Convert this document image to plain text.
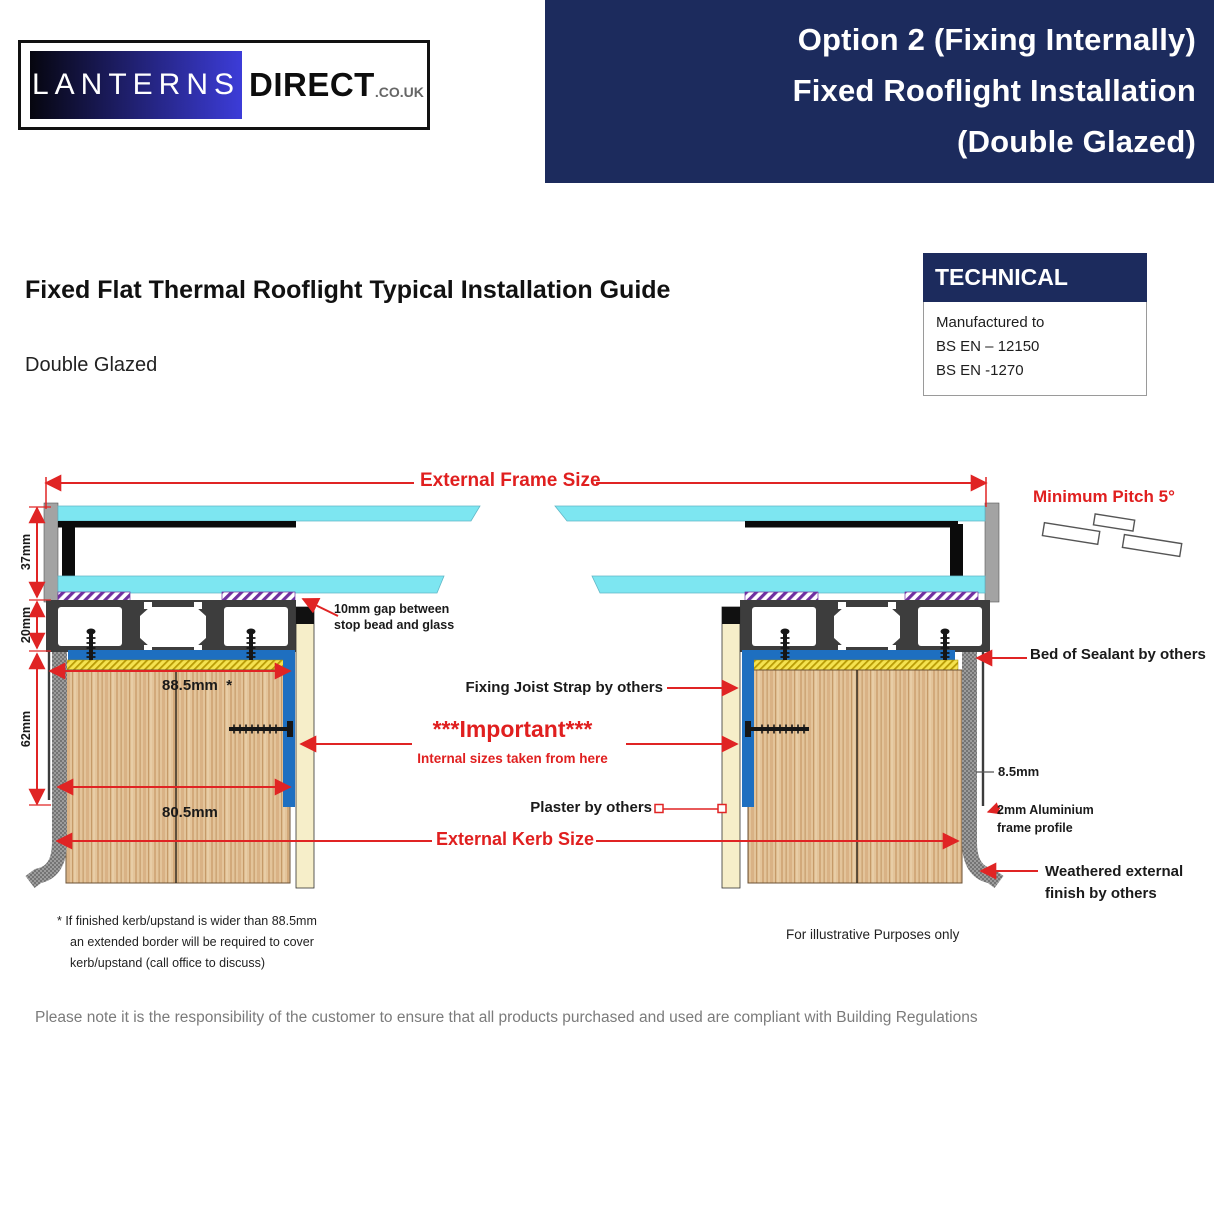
LANTERNS DIRECT .CO.UK
Option 2 (Fixing Internally)
Fixed Rooflight Installation
(Double Glazed)
TECHNICAL
Manufactured to
BS EN – 12150
BS EN -1270
Fixed Flat Thermal Rooflight Typical Installation Guide
Double Glazed
External Frame Size
Minimum Pitch 5°
37mm
20mm
62mm
10mm gap between
stop bead and glass
88.5mm  *
80.5mm
Fixing Joist Strap by others
***Important***
Internal sizes taken from here
Plaster by others
External Kerb Size
Bed of Sealant by others
8.5mm
2mm Aluminium
frame profile
Weathered external
finish by others
* If finished kerb/upstand is wider than 88.5mm
an extended border will be required to cover
kerb/upstand (call office to discuss)
For illustrative Purposes only
Please note it is the responsibility of the customer to ensure that all products purchased and used are compliant with Building Regulations
